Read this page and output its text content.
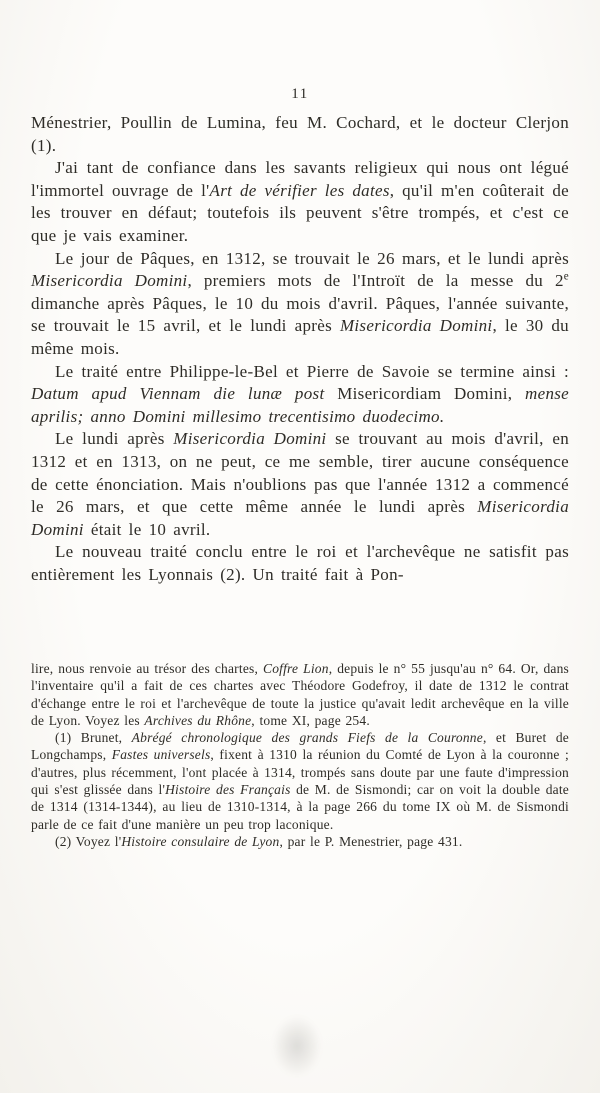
11

Ménestrier, Poullin de Lumina, feu M. Cochard, et le docteur Clerjon (1).

J'ai tant de confiance dans les savants religieux qui nous ont légué l'immortel ouvrage de l'Art de vérifier les dates, qu'il m'en coûterait de les trouver en défaut; toutefois ils peuvent s'être trompés, et c'est ce que je vais examiner.

Le jour de Pâques, en 1312, se trouvait le 26 mars, et le lundi après Misericordia Domini, premiers mots de l'Introït de la messe du 2e dimanche après Pâques, le 10 du mois d'avril. Pâques, l'année suivante, se trouvait le 15 avril, et le lundi après Misericordia Domini, le 30 du même mois.

Le traité entre Philippe-le-Bel et Pierre de Savoie se termine ainsi : Datum apud Viennam die lunæ post Misericordiam Domini, mense aprilis; anno Domini millesimo trecentisimo duodecimo.

Le lundi après Misericordia Domini se trouvant au mois d'avril, en 1312 et en 1313, on ne peut, ce me semble, tirer aucune conséquence de cette énonciation. Mais n'oublions pas que l'année 1312 a commencé le 26 mars, et que cette même année le lundi après Misericordia Domini était le 10 avril.

Le nouveau traité conclu entre le roi et l'archevêque ne satisfit pas entièrement les Lyonnais (2). Un traité fait à Pon-

lire, nous renvoie au trésor des chartes, Coffre Lion, depuis le n° 55 jusqu'au n° 64. Or, dans l'inventaire qu'il a fait de ces chartes avec Théodore Godefroy, il date de 1312 le contrat d'échange entre le roi et l'archevêque de toute la justice qu'avait ledit archevêque en la ville de Lyon. Voyez les Archives du Rhône, tome XI, page 254.

(1) Brunet, Abrégé chronologique des grands Fiefs de la Couronne, et Buret de Longchamps, Fastes universels, fixent à 1310 la réunion du Comté de Lyon à la couronne ; d'autres, plus récemment, l'ont placée à 1314, trompés sans doute par une faute d'impression qui s'est glissée dans l'Histoire des Français de M. de Sismondi; car on voit la double date de 1314 (1314-1344), au lieu de 1310-1314, à la page 266 du tome IX où M. de Sismondi parle de ce fait d'une manière un peu trop laconique.

(2) Voyez l'Histoire consulaire de Lyon, par le P. Menestrier, page 431.
